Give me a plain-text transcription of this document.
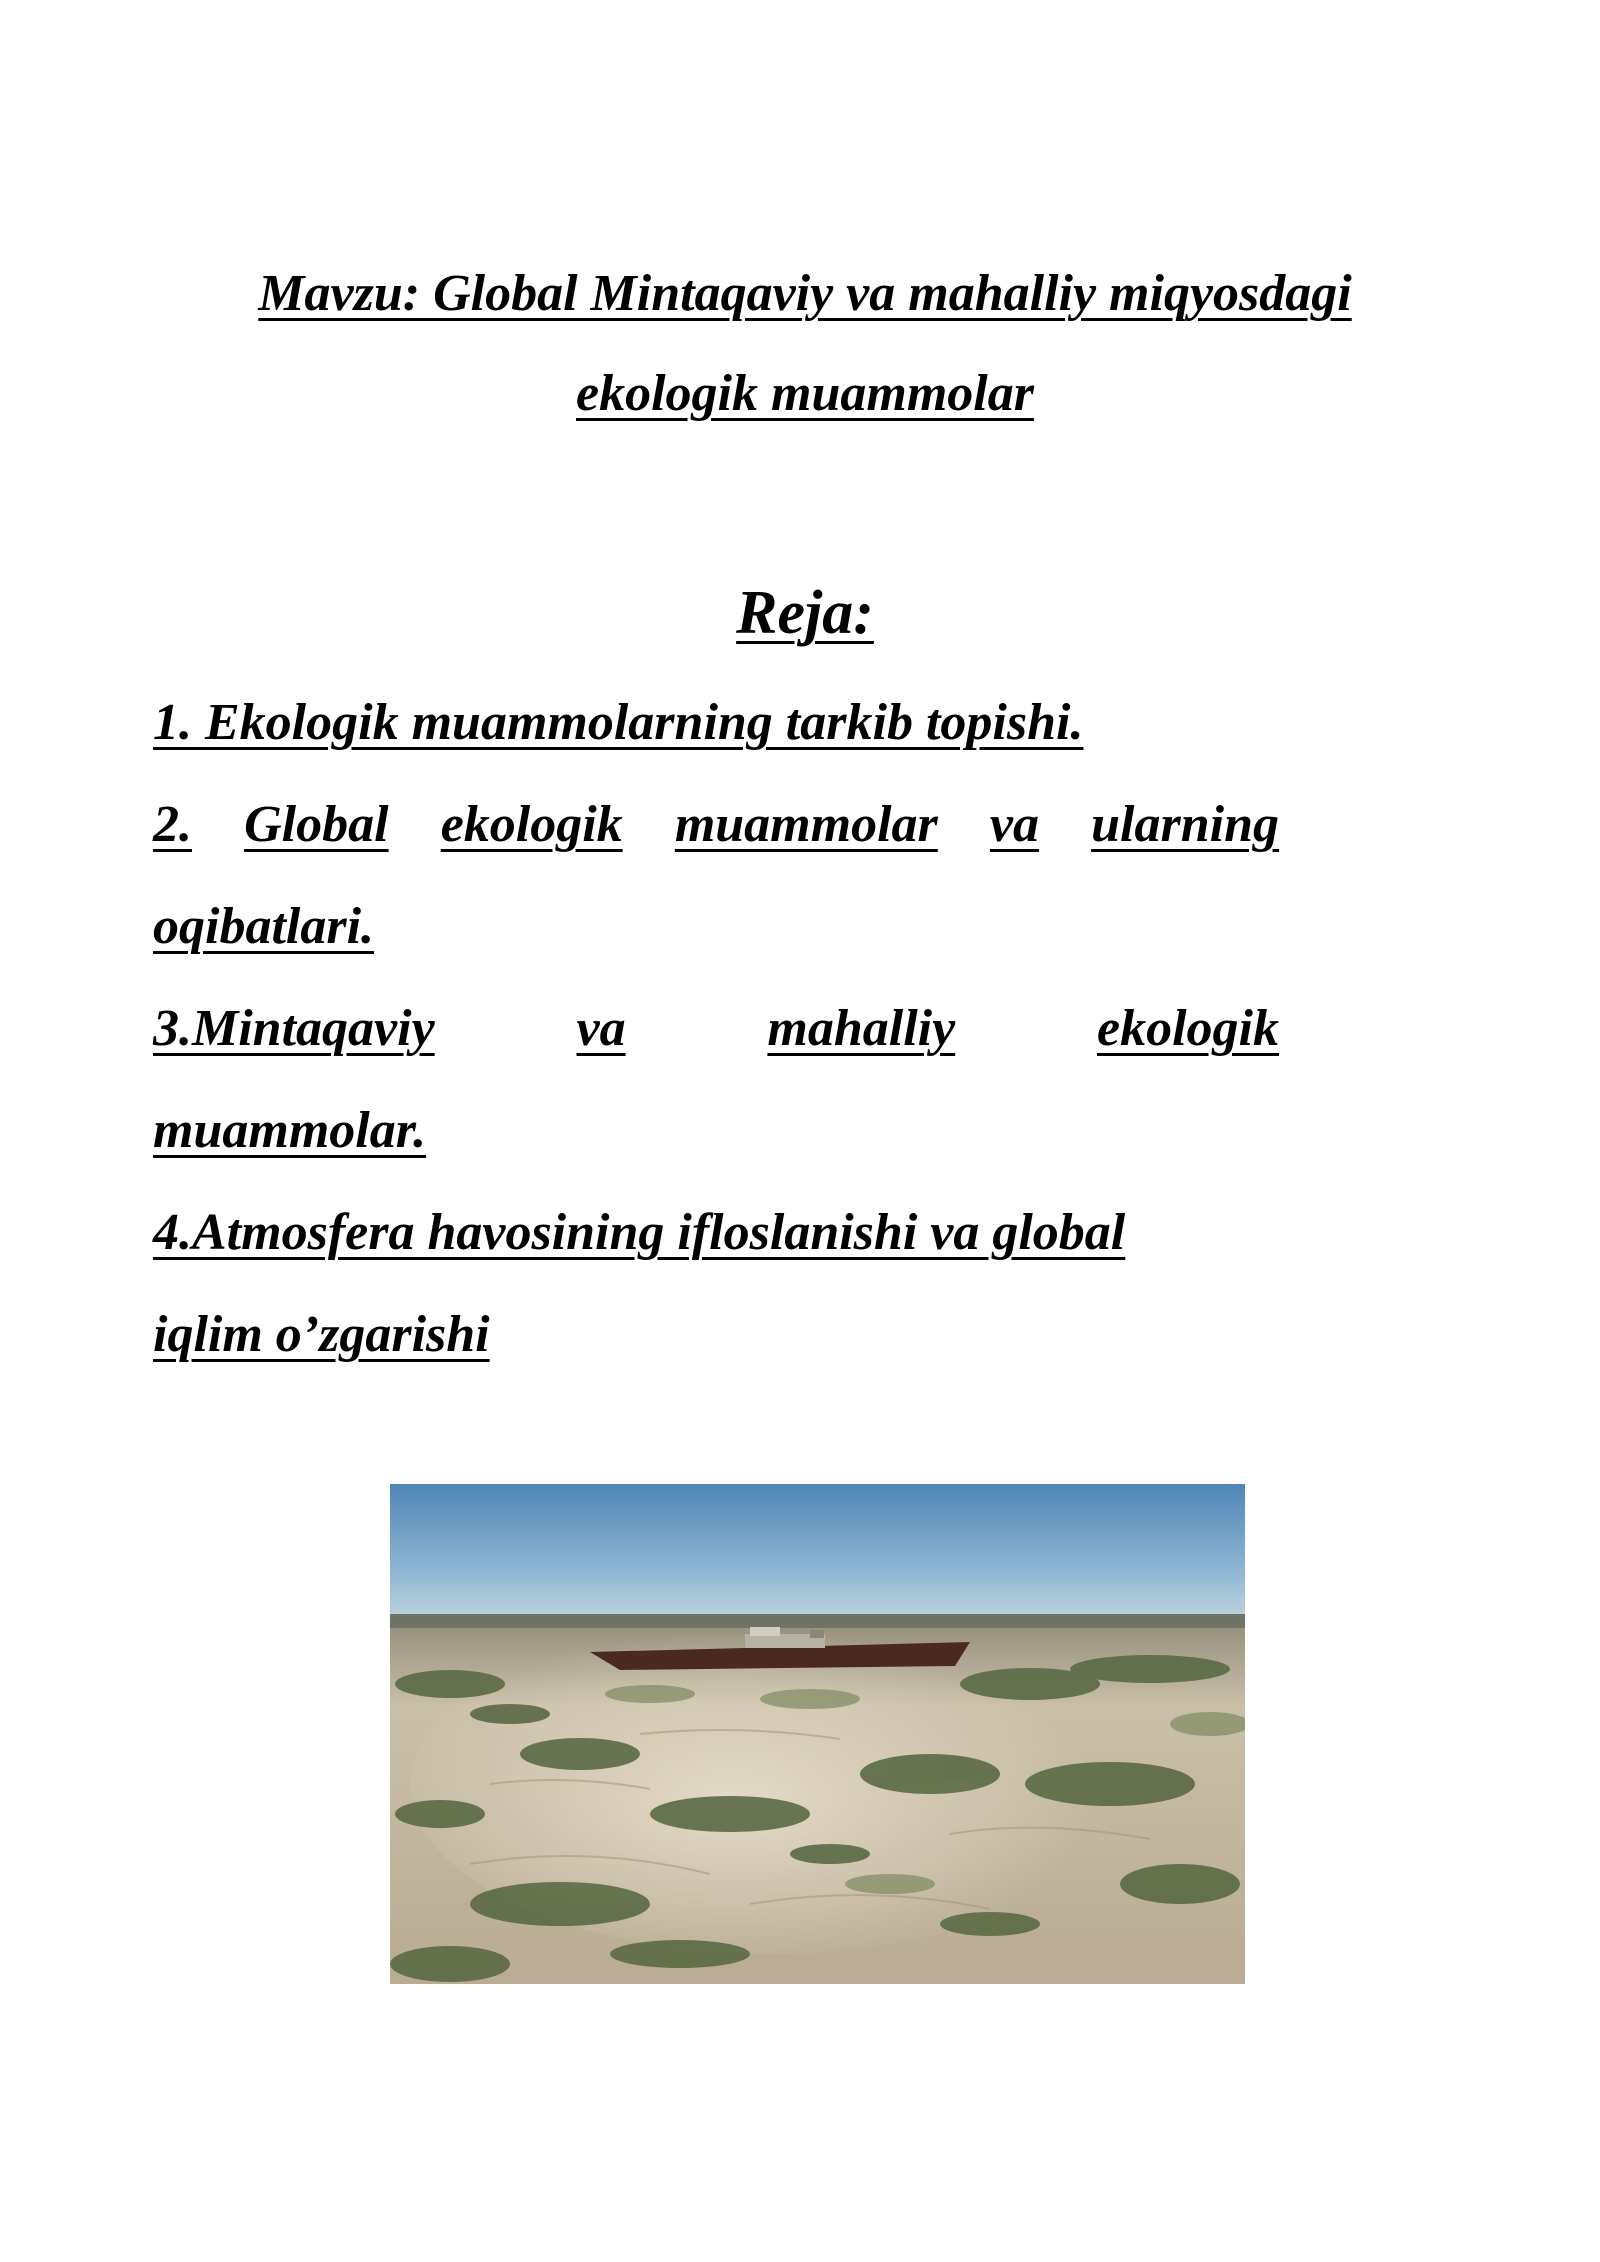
Mavzu: Global Mintaqaviy va mahalliy miqyosdagi
ekologik muammolar
Reja:
1. Ekologik muammolarning tarkib topishi.
2. Global ekologik muammolar va ularning
oqibatlari.
3.Mintaqaviy	va	mahalliy	ekologik
muammolar.
4.Atmosfera havosining ifloslanishi va global
iqlim o’zgarishi
